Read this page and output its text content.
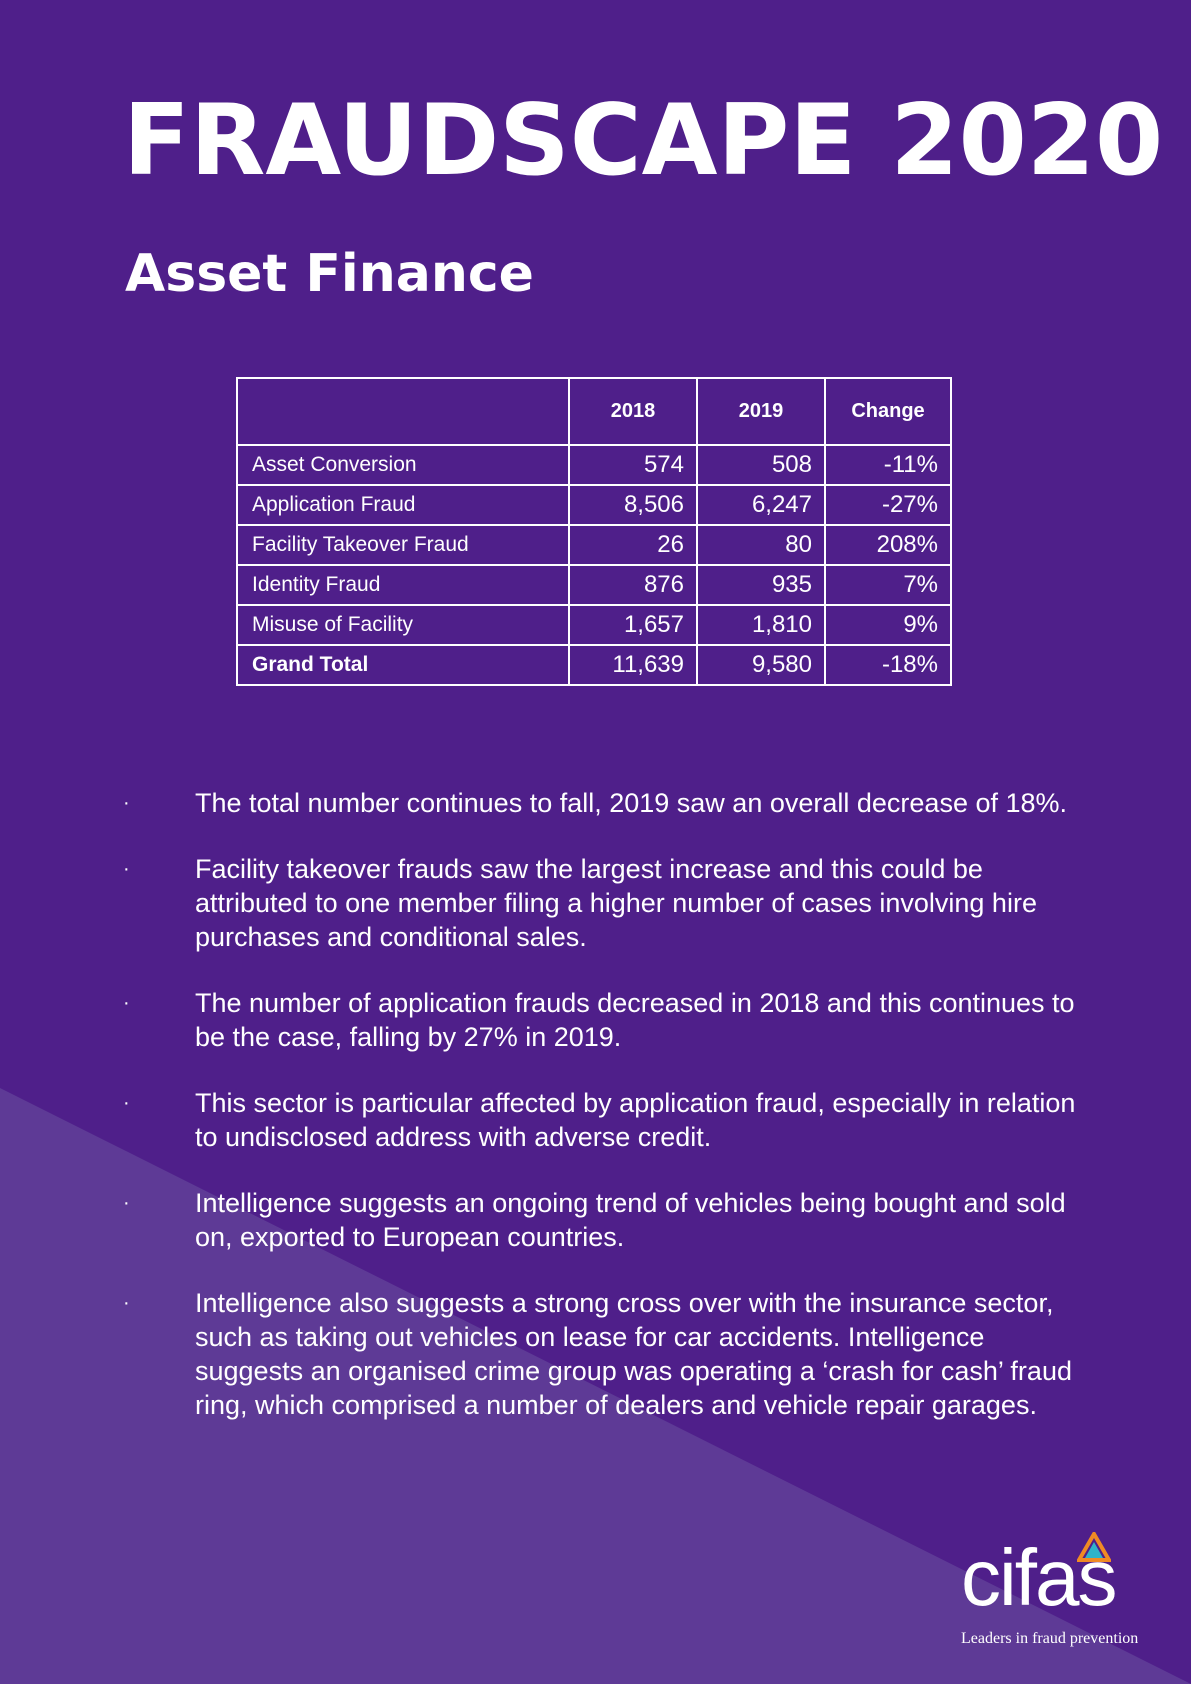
FRAUDSCAPE 2020
Asset Finance
	2018	2019	Change
Asset Conversion	574	508	-11%
Application Fraud	8,506	6,247	-27%
Facility Takeover Fraud	26	80	208%
Identity Fraud	876	935	7%
Misuse of Facility	1,657	1,810	9%
Grand Total	11,639	9,580	-18%
· The total number continues to fall, 2019 saw an overall decrease of 18%.
· Facility takeover frauds saw the largest increase and this could be attributed to one member filing a higher number of cases involving hire purchases and conditional sales.
· The number of application frauds decreased in 2018 and this continues to be the case, falling by 27% in 2019.
· This sector is particular affected by application fraud, especially in relation to undisclosed address with adverse credit.
· Intelligence suggests an ongoing trend of vehicles being bought and sold on, exported to European countries.
· Intelligence also suggests a strong cross over with the insurance sector, such as taking out vehicles on lease for car accidents. Intelligence suggests an organised crime group was operating a ‘crash for cash’ fraud ring, which comprised a number of dealers and vehicle repair garages.
cifas
Leaders in fraud prevention
